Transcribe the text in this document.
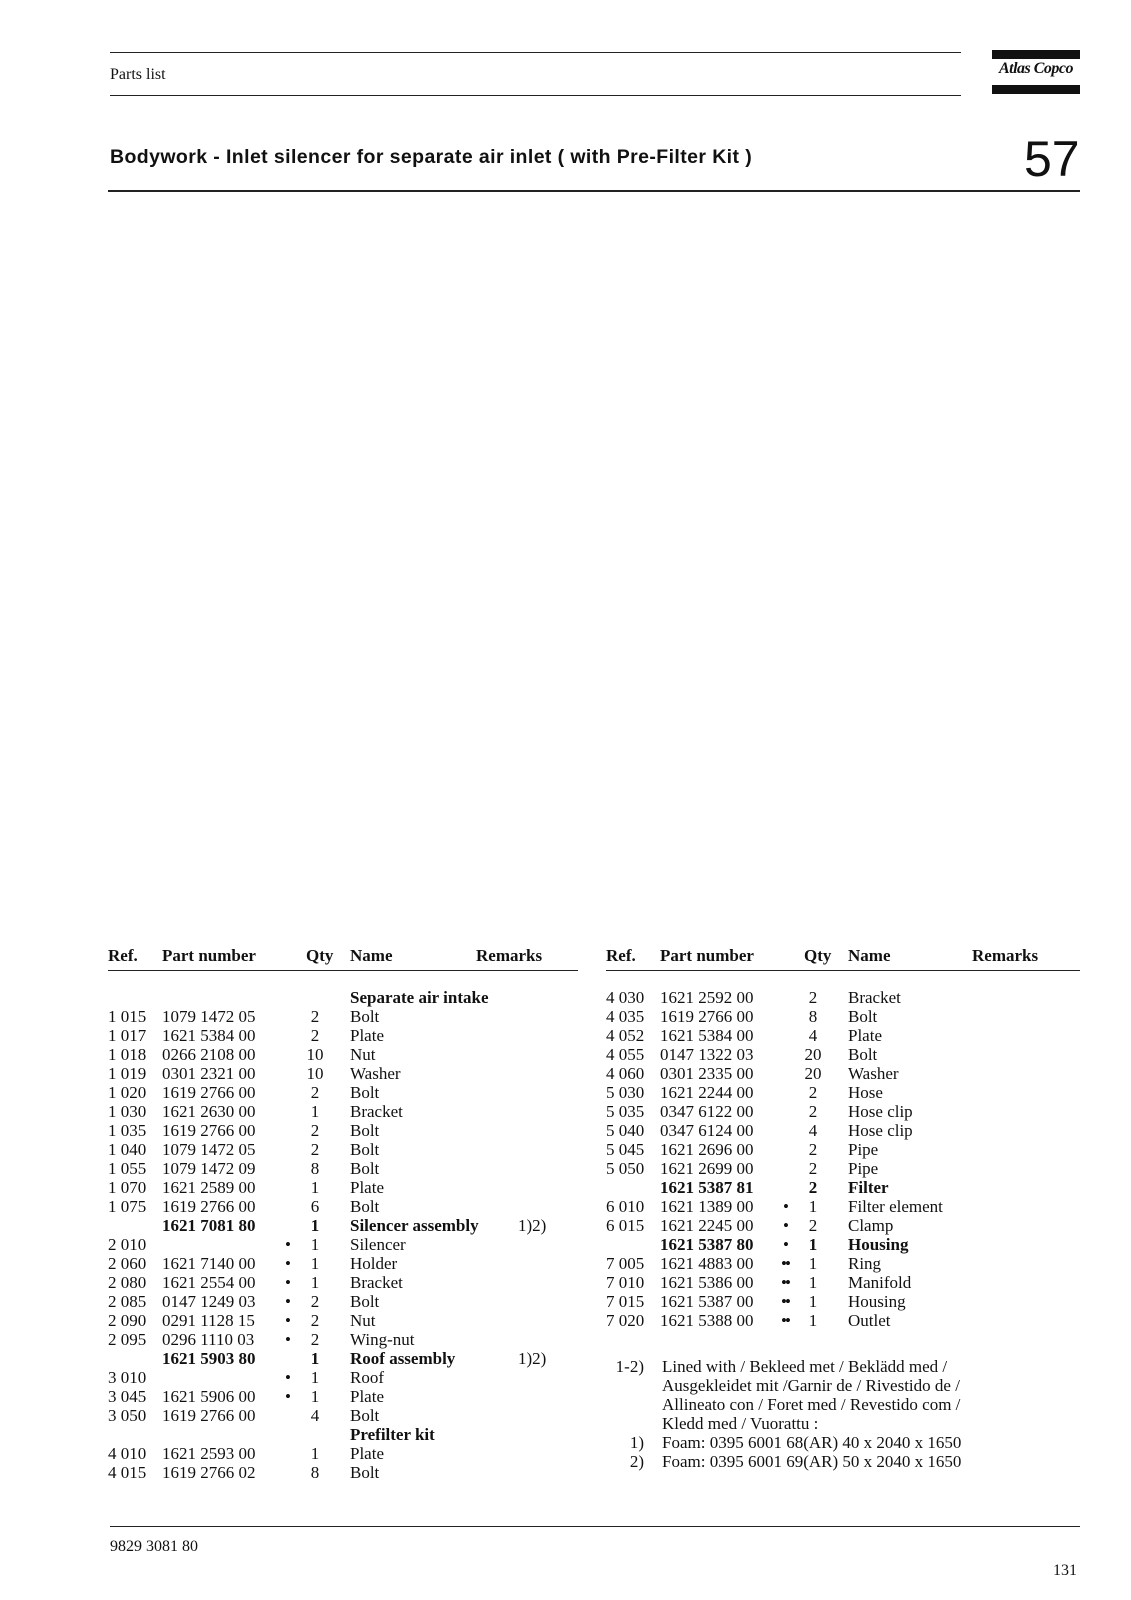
Parts list	Atlas Copco
Bodywork - Inlet silencer for separate air inlet ( with Pre-Filter Kit )	57
Ref. Part number	Qty Name	Remarks	Ref. Part number	Qty Name	Remarks
Separate air intake
1 015 1079 1472 05	2	Bolt
1 017 1621 5384 00	2	Plate
1 018 0266 2108 00	10 Nut
1 019 0301 2321 00	10 Washer
1 020 1619 2766 00	2	Bolt
1 030 1621 2630 00	1	Bracket
1 035 1619 2766 00	2	Bolt
1 040 1079 1472 05	2	Bolt
1 055 1079 1472 09	8	Bolt
1 070 1621 2589 00	1	Plate
1 075 1619 2766 00	6	Bolt
1621 7081 80	1	Silencer assembly 1)2)
2 010	•	1	Silencer
2 060 1621 7140 00	•	1	Holder
2 080 1621 2554 00	•	1	Bracket
2 085 0147 1249 03	•	2	Bolt
2 090 0291 1128 15	•	2	Nut
2 095 0296 1110 03	•	2	Wing-nut
1621 5903 80	1	Roof assembly	1)2)
3 010	•	1	Roof
3 045 1621 5906 00	•	1	Plate
3 050 1619 2766 00	4	Bolt
Prefilter kit
4 010 1621 2593 00	1	Plate
4 015 1619 2766 02	8	Bolt
4 030 1621 2592 00	2	Bracket
4 035 1619 2766 00	8	Bolt
4 052 1621 5384 00	4	Plate
4 055 0147 1322 03	20 Bolt
4 060 0301 2335 00	20 Washer
5 030 1621 2244 00	2	Hose
5 035 0347 6122 00	2	Hose clip
5 040 0347 6124 00	4	Hose clip
5 045 1621 2696 00	2	Pipe
5 050 1621 2699 00	2	Pipe
1621 5387 81	2	Filter
6 010 1621 1389 00	•	1	Filter element
6 015 1621 2245 00	•	2	Clamp
1621 5387 80	•	1	Housing
7 005 1621 4883 00	••	1	Ring
7 010 1621 5386 00	••	1	Manifold
7 015 1621 5387 00	••	1	Housing
7 020 1621 5388 00	••	1	Outlet
1-2) Lined with / Bekleed met / Beklädd med /
Ausgekleidet mit /Garnir de / Rivestido de /
Allineato con / Foret med / Revestido com /
Kledd med / Vuorattu :
1) Foam: 0395 6001 68(AR) 40 x 2040 x 1650
2) Foam: 0395 6001 69(AR) 50 x 2040 x 1650
9829 3081 80
131
